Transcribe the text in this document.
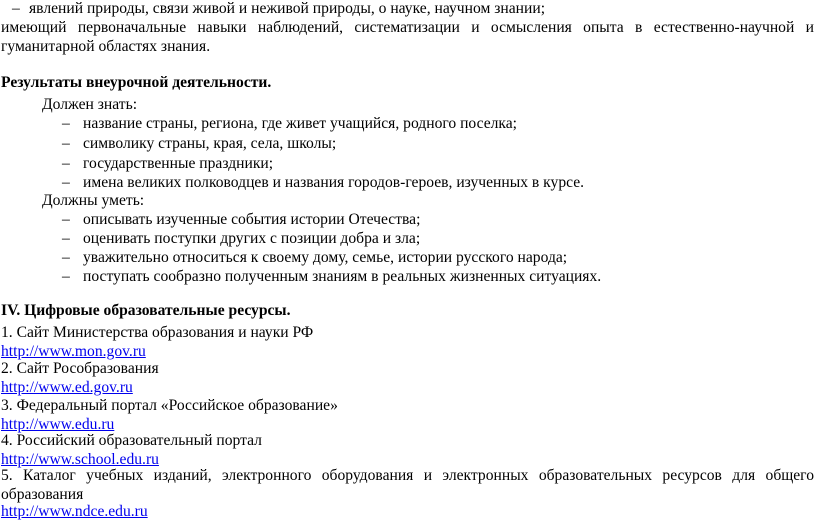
– явлений природы, связи живой и неживой природы, о науке, научном знании;
имеющий первоначальные навыки наблюдений, систематизации и осмысления опыта в естественно-научной и
гуманитарной областях знания.
Результаты внеурочной деятельности.
Должен знать:
– название страны, региона, где живет учащийся, родного поселка;
– символику страны, края, села, школы;
– государственные праздники;
– имена великих полководцев и названия городов-героев, изученных в курсе.
Должны уметь:
– описывать изученные события истории Отечества;
– оценивать поступки других с позиции добра и зла;
– уважительно относиться к своему дому, семье, истории русского народа;
– поступать сообразно полученным знаниям в реальных жизненных ситуациях.
IV. Цифровые образовательные ресурсы.
1. Сайт Министерства образования и науки РФ
http://www.mon.gov.ru
2. Сайт Рособразования
http://www.ed.gov.ru
3. Федеральный портал «Российское образование»
http://www.edu.ru
4. Российский образовательный портал
http://www.school.edu.ru
5. Каталог учебных изданий, электронного оборудования и электронных образовательных ресурсов для общего
образования
http://www.ndce.edu.ru
